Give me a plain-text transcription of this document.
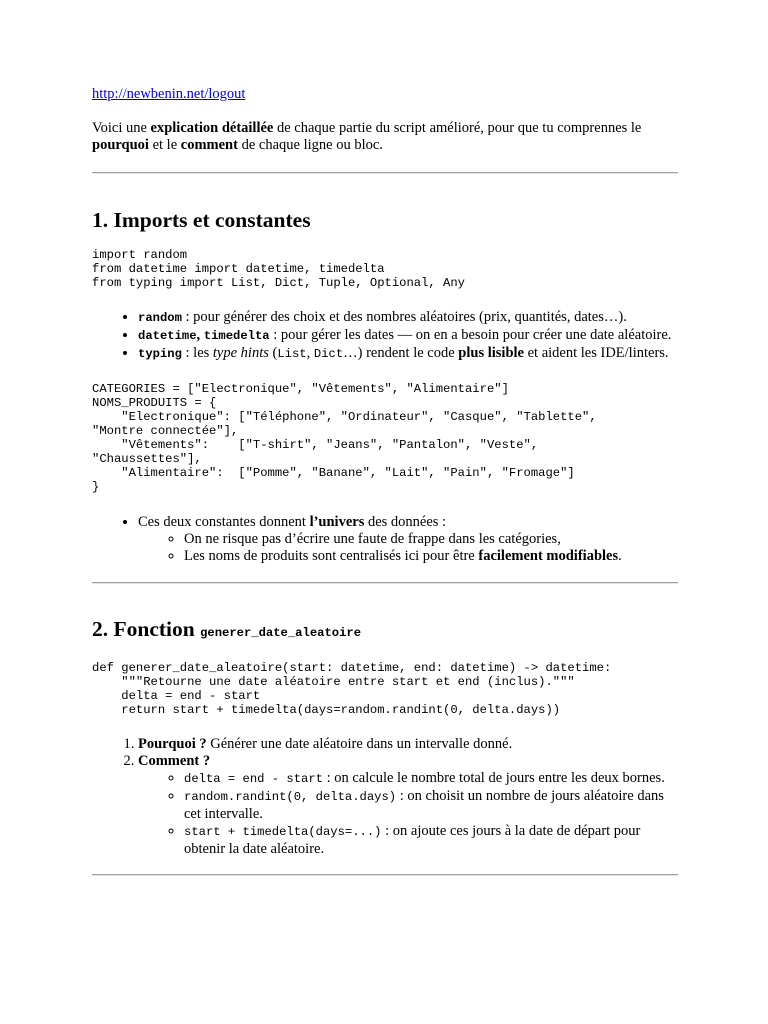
http://newbenin.net/logout

Voici une explication détaillée de chaque partie du script amélioré, pour que tu comprennes le pourquoi et le comment de chaque ligne ou bloc.

1. Imports et constantes
import random
from datetime import datetime, timedelta
from typing import List, Dict, Tuple, Optional, Any
• random : pour générer des choix et des nombres aléatoires (prix, quantités, dates…).
• datetime, timedelta : pour gérer les dates — on en a besoin pour créer une date aléatoire.
• typing : les type hints (List, Dict…) rendent le code plus lisible et aident les IDE/linters.
CATEGORIES = ["Electronique", "Vêtements", "Alimentaire"]
NOMS_PRODUITS = {
"Electronique": ["Téléphone", "Ordinateur", "Casque", "Tablette",
"Montre connectée"],
"Vêtements":    ["T-shirt", "Jeans", "Pantalon", "Veste",
"Chaussettes"],
"Alimentaire":  ["Pomme", "Banane", "Lait", "Pain", "Fromage"]
}
• Ces deux constantes donnent l’univers des données :
◦ On ne risque pas d’écrire une faute de frappe dans les catégories,
◦ Les noms de produits sont centralisés ici pour être facilement modifiables.
2. Fonction generer_date_aleatoire
def generer_date_aleatoire(start: datetime, end: datetime) -> datetime:
"""Retourne une date aléatoire entre start et end (inclus)."""
delta = end - start
return start + timedelta(days=random.randint(0, delta.days))
1. Pourquoi ? Générer une date aléatoire dans un intervalle donné.
2. Comment ?
◦ delta = end - start : on calcule le nombre total de jours entre les deux bornes.
◦ random.randint(0, delta.days) : on choisit un nombre de jours aléatoire dans cet intervalle.
◦ start + timedelta(days=...) : on ajoute ces jours à la date de départ pour obtenir la date aléatoire.
